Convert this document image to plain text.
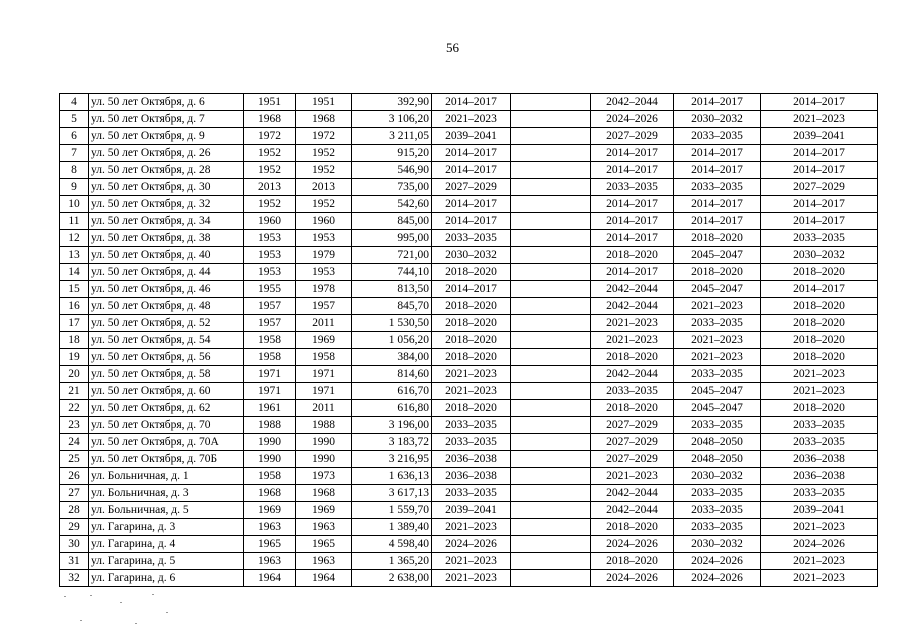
56
4	ул. 50 лет Октября, д. 6	1951	1951	392,90	2014–2017		2042–2044	2014–2017	2014–2017
5	ул. 50 лет Октября, д. 7	1968	1968	3 106,20	2021–2023		2024–2026	2030–2032	2021–2023
6	ул. 50 лет Октября, д. 9	1972	1972	3 211,05	2039–2041		2027–2029	2033–2035	2039–2041
7	ул. 50 лет Октября, д. 26	1952	1952	915,20	2014–2017		2014–2017	2014–2017	2014–2017
8	ул. 50 лет Октября, д. 28	1952	1952	546,90	2014–2017		2014–2017	2014–2017	2014–2017
9	ул. 50 лет Октября, д. 30	2013	2013	735,00	2027–2029		2033–2035	2033–2035	2027–2029
10	ул. 50 лет Октября, д. 32	1952	1952	542,60	2014–2017		2014–2017	2014–2017	2014–2017
11	ул. 50 лет Октября, д. 34	1960	1960	845,00	2014–2017		2014–2017	2014–2017	2014–2017
12	ул. 50 лет Октября, д. 38	1953	1953	995,00	2033–2035		2014–2017	2018–2020	2033–2035
13	ул. 50 лет Октября, д. 40	1953	1979	721,00	2030–2032		2018–2020	2045–2047	2030–2032
14	ул. 50 лет Октября, д. 44	1953	1953	744,10	2018–2020		2014–2017	2018–2020	2018–2020
15	ул. 50 лет Октября, д. 46	1955	1978	813,50	2014–2017		2042–2044	2045–2047	2014–2017
16	ул. 50 лет Октября, д. 48	1957	1957	845,70	2018–2020		2042–2044	2021–2023	2018–2020
17	ул. 50 лет Октября, д. 52	1957	2011	1 530,50	2018–2020		2021–2023	2033–2035	2018–2020
18	ул. 50 лет Октября, д. 54	1958	1969	1 056,20	2018–2020		2021–2023	2021–2023	2018–2020
19	ул. 50 лет Октября, д. 56	1958	1958	384,00	2018–2020		2018–2020	2021–2023	2018–2020
20	ул. 50 лет Октября, д. 58	1971	1971	814,60	2021–2023		2042–2044	2033–2035	2021–2023
21	ул. 50 лет Октября, д. 60	1971	1971	616,70	2021–2023		2033–2035	2045–2047	2021–2023
22	ул. 50 лет Октября, д. 62	1961	2011	616,80	2018–2020		2018–2020	2045–2047	2018–2020
23	ул. 50 лет Октября, д. 70	1988	1988	3 196,00	2033–2035		2027–2029	2033–2035	2033–2035
24	ул. 50 лет Октября, д. 70А	1990	1990	3 183,72	2033–2035		2027–2029	2048–2050	2033–2035
25	ул. 50 лет Октября, д. 70Б	1990	1990	3 216,95	2036–2038		2027–2029	2048–2050	2036–2038
26	ул. Больничная, д. 1	1958	1973	1 636,13	2036–2038		2021–2023	2030–2032	2036–2038
27	ул. Больничная, д. 3	1968	1968	3 617,13	2033–2035		2042–2044	2033–2035	2033–2035
28	ул. Больничная, д. 5	1969	1969	1 559,70	2039–2041		2042–2044	2033–2035	2039–2041
29	ул. Гагарина, д. 3	1963	1963	1 389,40	2021–2023		2018–2020	2033–2035	2021–2023
30	ул. Гагарина, д. 4	1965	1965	4 598,40	2024–2026		2024–2026	2030–2032	2024–2026
31	ул. Гагарина, д. 5	1963	1963	1 365,20	2021–2023		2018–2020	2024–2026	2021–2023
32	ул. Гагарина, д. 6	1964	1964	2 638,00	2021–2023		2024–2026	2024–2026	2021–2023
